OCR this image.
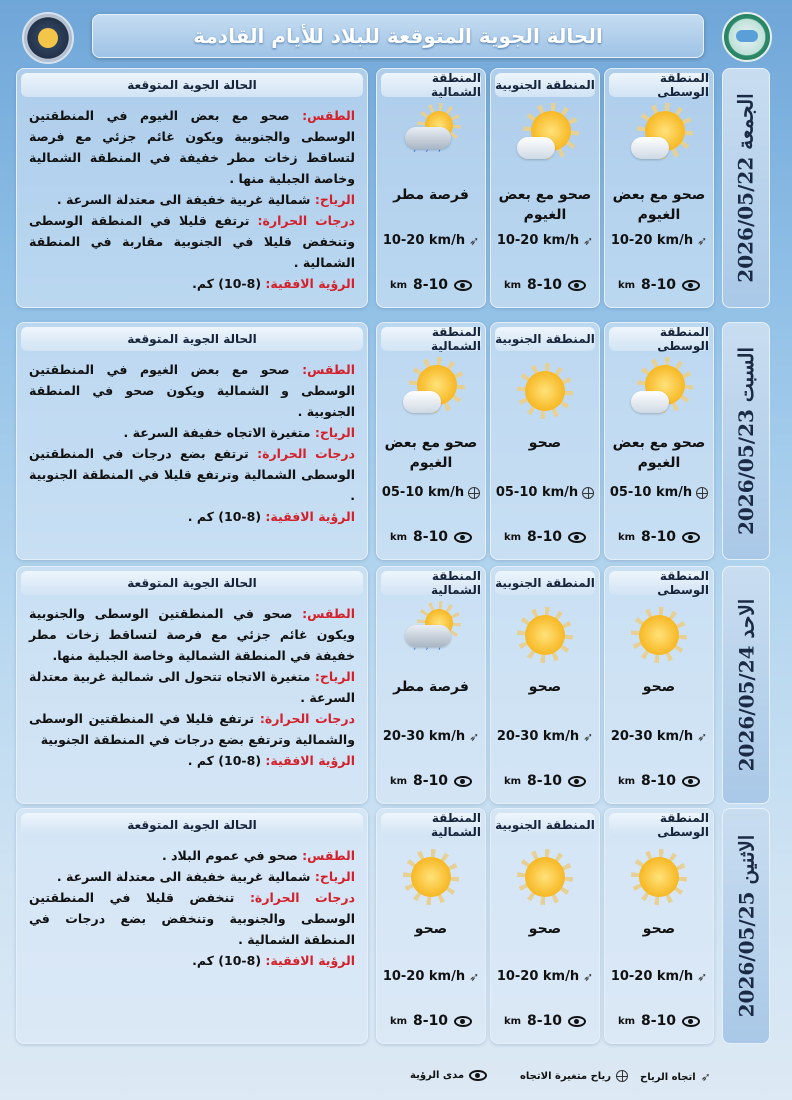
الحالة الجوية المتوقعة للبلاد للأيام القادمة
الجمعة 2026/05/22
المنطقة الوسطى
صحو مع بعض الغيوم
10-20 km/h ➶
km 8-10
المنطقة الجنوبية
صحو مع بعض الغيوم
10-20 km/h ➶
km 8-10
المنطقة الشمالية
ʼ ʼ ʼ
فرصة مطر
10-20 km/h ➶
km 8-10
الحالة الجوية المتوقعة
الطقس: صحو مع بعض الغيوم في المنطقتين الوسطى والجنوبية ويكون غائم جزئي مع فرصة لتساقط زخات مطر خفيفة في المنطقة الشمالية وخاصة الجبلية منها .
الرياح: شمالية غربية خفيفة الى معتدلة السرعة .
درجات الحرارة: ترتفع قليلا في المنطقة الوسطى وتنخفض قليلا في الجنوبية مقاربة في المنطقة الشمالية .
الرؤية الافقية: (8-10) كم.
السبت 2026/05/23
المنطقة الوسطى
صحو مع بعض الغيوم
05-10 km/h
km 8-10
المنطقة الجنوبية
صحو
05-10 km/h
km 8-10
المنطقة الشمالية
صحو مع بعض الغيوم
05-10 km/h
km 8-10
الحالة الجوية المتوقعة
الطقس: صحو مع بعض الغيوم في المنطقتين الوسطى و الشمالية ويكون صحو في المنطقة الجنوبية .
الرياح: متغيرة الاتجاه خفيفة السرعة .
درجات الحرارة: ترتفع بضع درجات في المنطقتين الوسطى الشمالية وترتفع قليلا في المنطقة الجنوبية .
الرؤية الافقية: (8-10) كم .
الاحد 2026/05/24
المنطقة الوسطى
صحو
20-30 km/h ➶
km 8-10
المنطقة الجنوبية
صحو
20-30 km/h ➶
km 8-10
المنطقة الشمالية
ʼ ʼ ʼ
فرصة مطر
20-30 km/h ➶
km 8-10
الحالة الجوية المتوقعة
الطقس: صحو في المنطقتين الوسطى والجنوبية ويكون غائم جزئي مع فرصة لتساقط زخات مطر خفيفة في المنطقة الشمالية وخاصة الجبلية منها.
الرياح: متغيرة الاتجاه تتحول الى شمالية غربية معتدلة السرعة .
درجات الحرارة: ترتفع قليلا في المنطقتين الوسطى والشمالية وترتفع بضع درجات في المنطقة الجنوبية
الرؤية الافقية: (8-10) كم .
الاثنين 2026/05/25
المنطقة الوسطى
صحو
10-20 km/h ➶
km 8-10
المنطقة الجنوبية
صحو
10-20 km/h ➶
km 8-10
المنطقة الشمالية
صحو
10-20 km/h ➶
km 8-10
الحالة الجوية المتوقعة
الطقس: صحو في عموم البلاد .
الرياح: شمالية غربية خفيفة الى معتدلة السرعة .
درجات الحرارة: تنخفض قليلا في المنطقتين الوسطى والجنوبية وتنخفض بضع درجات في المنطقة الشمالية .
الرؤية الافقية: (8-10) كم.
➶
اتجاه الرياح
رياح متغيرة الاتجاه
مدى الرؤية
